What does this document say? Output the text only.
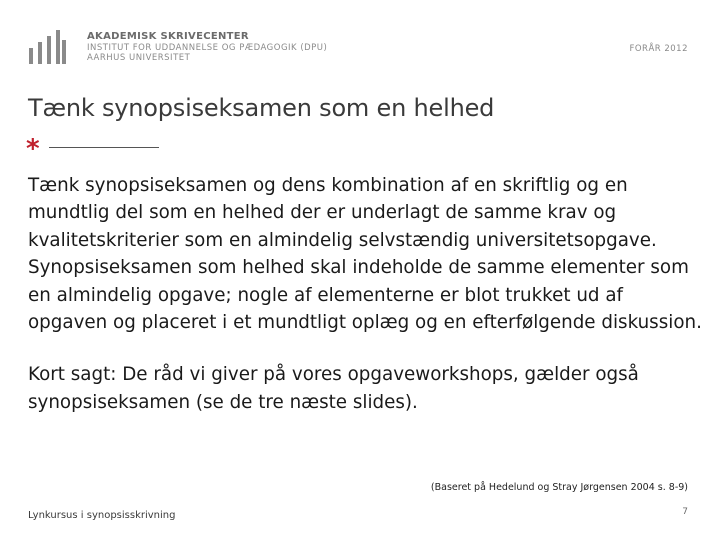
AKADEMISK SKRIVECENTER
INSTITUT FOR UDDANNELSE OG PÆDAGOGIK (DPU)
AARHUS UNIVERSITET
FORÅR 2012
Tænk synopsiseksamen som en helhed
*

Tænk synopsiseksamen og dens kombination af en skriftlig og en mundtlig del som en helhed der er underlagt de samme krav og kvalitetskriterier som en almindelig selvstændig universitetsopgave. Synopsiseksamen som helhed skal indeholde de samme elementer som en almindelig opgave; nogle af elementerne er blot trukket ud af opgaven og placeret i et mundtligt oplæg og en efterfølgende diskussion.

Kort sagt: De råd vi giver på vores opgaveworkshops, gælder også synopsiseksamen (se de tre næste slides).

(Baseret på Hedelund og Stray Jørgensen 2004 s. 8-9)
Lynkursus i synopsisskrivning	7
